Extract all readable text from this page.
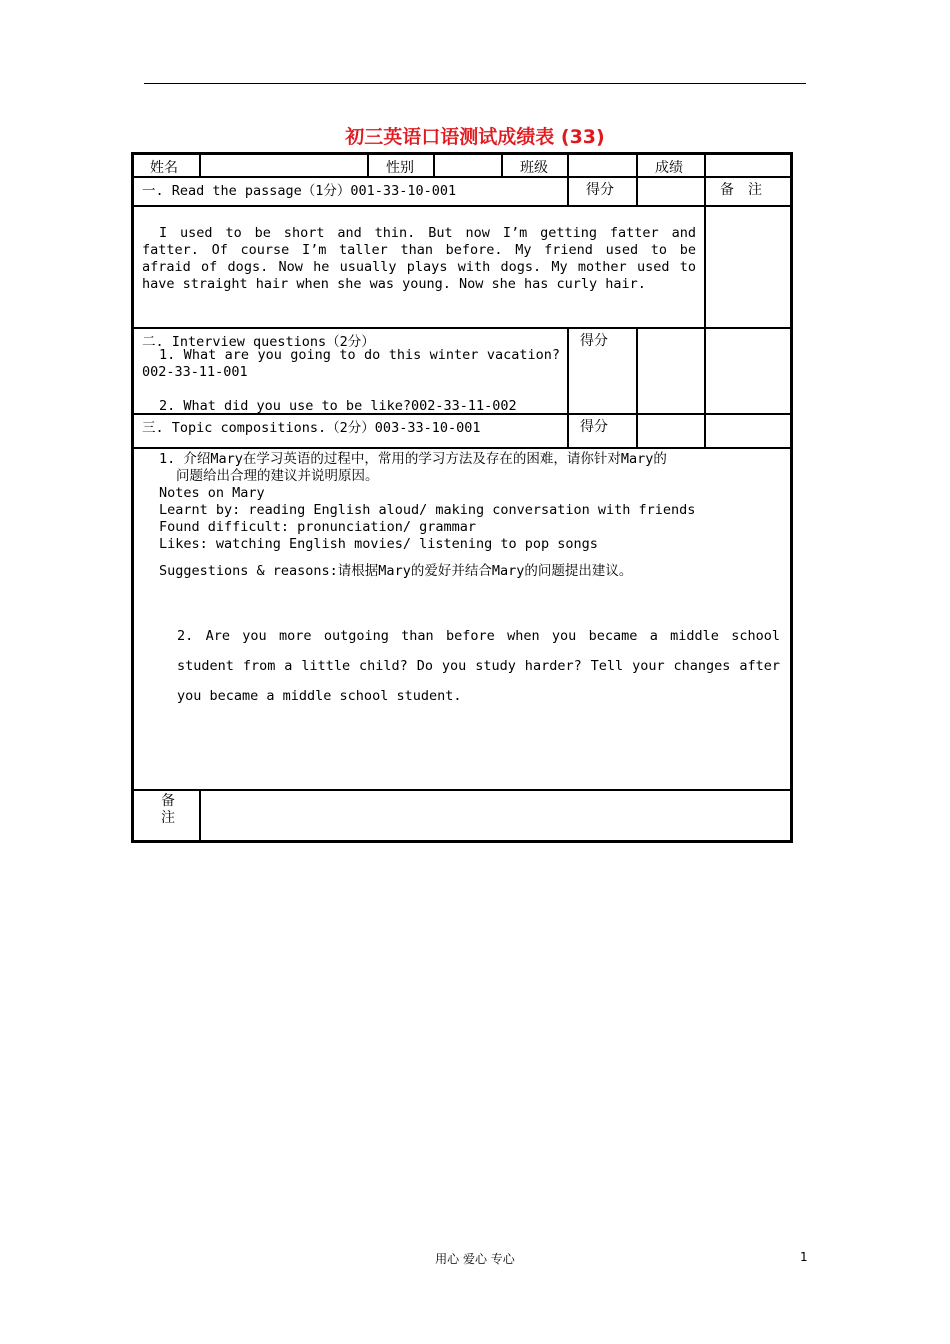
初三英语口语测试成绩表 (33)
姓名	性别	班级	成绩
一. Read the passage（1分）001-33-10-001	得分	备　注
I used to be short and thin. But now I’m getting fatter and fatter. Of course I’m taller than before. My friend used to be afraid of dogs. Now he usually plays with dogs. My mother used to have straight hair when she was young. Now she has curly hair.
二. Interview questions（2分）
1. What are you going to do this winter vacation?002-33-11-001
2. What did you use to be like?002-33-11-002
得分
三. Topic compositions.（2分）003-33-10-001	得分
1. 介绍Mary在学习英语的过程中，常用的学习方法及存在的困难，请你针对Mary的
问题给出合理的建议并说明原因。
Notes on Mary
Learnt by: reading English aloud/ making conversation with friends
Found difficult: pronunciation/ grammar
Likes: watching English movies/ listening to pop songs
Suggestions & reasons:请根据Mary的爱好并结合Mary的问题提出建议。
2. Are you more outgoing than before when you became a middle school student from a little child? Do you study harder? Tell your changes after you became a middle school student.
备
注
用心 爱心 专心	1
